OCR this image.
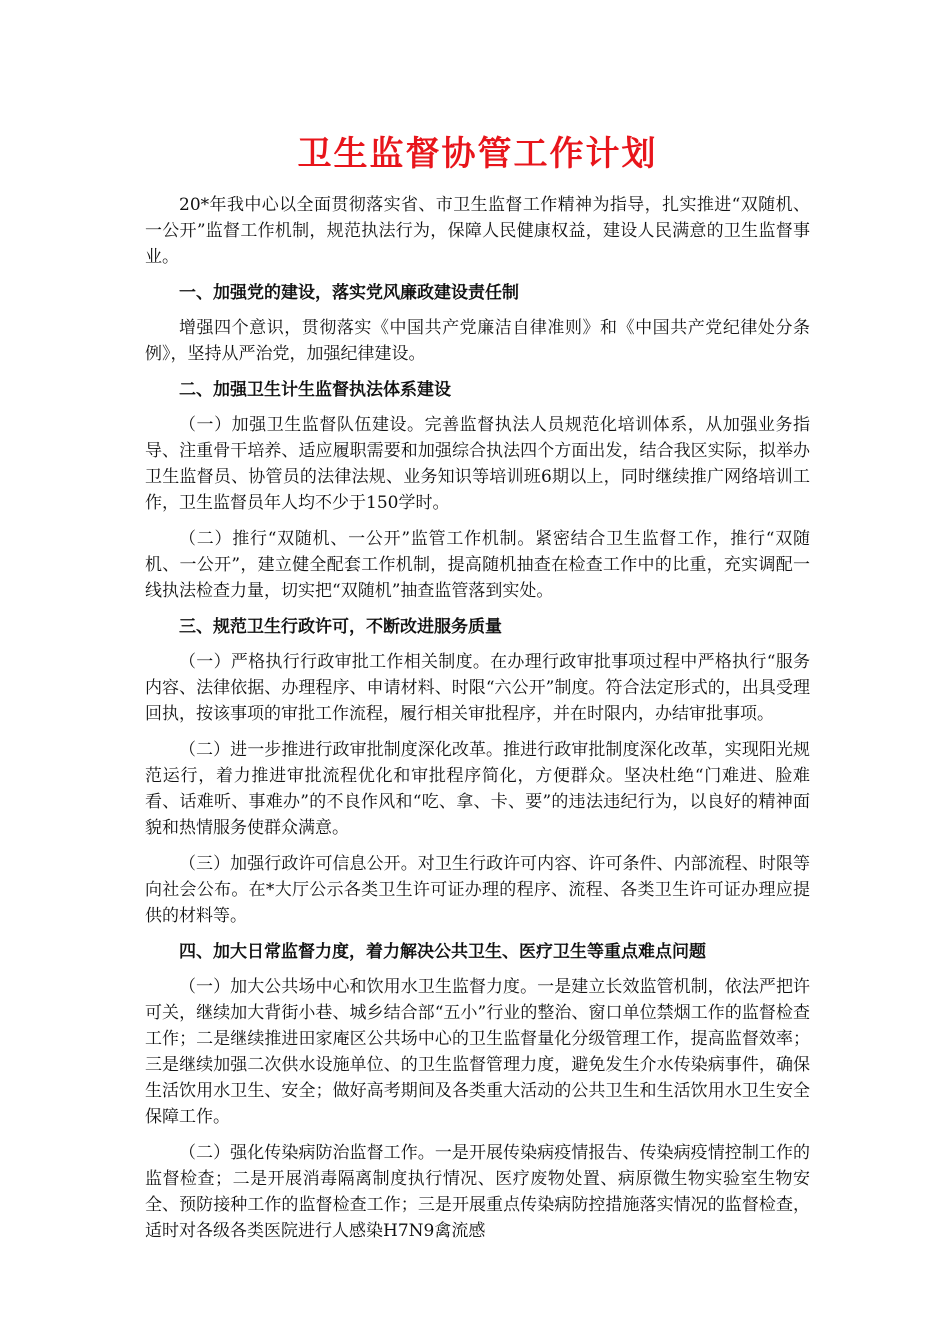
卫生监督协管工作计划

20*年我中心以全面贯彻落实省、市卫生监督工作精神为指导，扎实推进“双随机、一公开”监督工作机制，规范执法行为，保障人民健康权益，建设人民满意的卫生监督事业。

一、加强党的建设，落实党风廉政建设责任制

增强四个意识，贯彻落实《中国共产党廉洁自律准则》和《中国共产党纪律处分条例》，坚持从严治党，加强纪律建设。

二、加强卫生计生监督执法体系建设

（一）加强卫生监督队伍建设。完善监督执法人员规范化培训体系，从加强业务指导、注重骨干培养、适应履职需要和加强综合执法四个方面出发，结合我区实际，拟举办卫生监督员、协管员的法律法规、业务知识等培训班6期以上，同时继续推广网络培训工作，卫生监督员年人均不少于150学时。

（二）推行“双随机、一公开”监管工作机制。紧密结合卫生监督工作，推行“双随机、一公开”，建立健全配套工作机制，提高随机抽查在检查工作中的比重，充实调配一线执法检查力量，切实把“双随机”抽查监管落到实处。

三、规范卫生行政许可，不断改进服务质量

（一）严格执行行政审批工作相关制度。在办理行政审批事项过程中严格执行“服务内容、法律依据、办理程序、申请材料、时限“六公开”制度。符合法定形式的，出具受理回执，按该事项的审批工作流程，履行相关审批程序，并在时限内，办结审批事项。

（二）进一步推进行政审批制度深化改革。推进行政审批制度深化改革，实现阳光规范运行，着力推进审批流程优化和审批程序简化，方便群众。坚决杜绝“门难进、脸难看、话难听、事难办”的不良作风和“吃、拿、卡、要”的违法违纪行为，以良好的精神面貌和热情服务使群众满意。

（三）加强行政许可信息公开。对卫生行政许可内容、许可条件、内部流程、时限等向社会公布。在*大厅公示各类卫生许可证办理的程序、流程、各类卫生许可证办理应提供的材料等。

四、加大日常监督力度，着力解决公共卫生、医疗卫生等重点难点问题

（一）加大公共场中心和饮用水卫生监督力度。一是建立长效监管机制，依法严把许可关，继续加大背街小巷、城乡结合部“五小”行业的整治、窗口单位禁烟工作的监督检查工作；二是继续推进田家庵区公共场中心的卫生监督量化分级管理工作，提高监督效率；三是继续加强二次供水设施单位、的卫生监督管理力度，避免发生介水传染病事件，确保生活饮用水卫生、安全；做好高考期间及各类重大活动的公共卫生和生活饮用水卫生安全保障工作。

（二）强化传染病防治监督工作。一是开展传染病疫情报告、传染病疫情控制工作的监督检查；二是开展消毒隔离制度执行情况、医疗废物处置、病原微生物实验室生物安全、预防接种工作的监督检查工作；三是开展重点传染病防控措施落实情况的监督检查，适时对各级各类医院进行人感染H7N9禽流感
